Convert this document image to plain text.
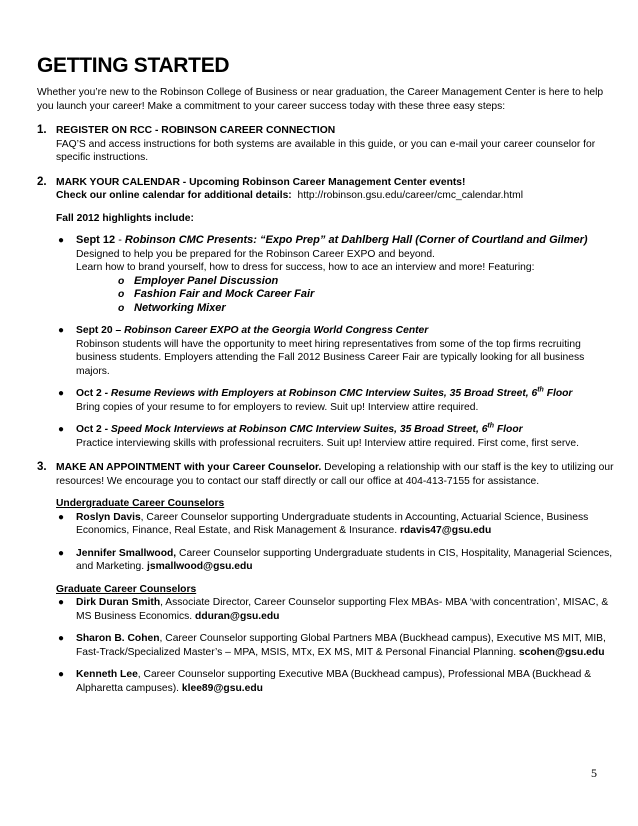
GETTING STARTED

Whether you’re new to the Robinson College of Business or near graduation, the Career Management Center is here to help you launch your career! Make a commitment to your career success today with these three easy steps:

1. REGISTER ON RCC - ROBINSON CAREER CONNECTION

FAQ’S and access instructions for both systems are available in this guide, or you can e-mail your career counselor for specific instructions.

2. MARK YOUR CALENDAR - Upcoming Robinson Career Management Center events!

Check our online calendar for additional details: http://robinson.gsu.edu/career/cmc_calendar.html

Fall 2012 highlights include:

● Sept 12 - Robinson CMC Presents: “Expo Prep” at Dahlberg Hall (Corner of Courtland and Gilmer)

Designed to help you be prepared for the Robinson Career EXPO and beyond.

Learn how to brand yourself, how to dress for success, how to ace an interview and more! Featuring:

o Employer Panel Discussion
o Fashion Fair and Mock Career Fair
o Networking Mixer
● Sept 20 – Robinson Career EXPO at the Georgia World Congress Center

Robinson students will have the opportunity to meet hiring representatives from some of the top firms recruiting business students. Employers attending the Fall 2012 Business Career Fair are typically looking for all business majors.

● Oct 2 - Resume Reviews with Employers at Robinson CMC Interview Suites, 35 Broad Street, 6th Floor

Bring copies of your resume to for employers to review. Suit up! Interview attire required.

● Oct 2 - Speed Mock Interviews at Robinson CMC Interview Suites, 35 Broad Street, 6th Floor

Practice interviewing skills with professional recruiters. Suit up! Interview attire required. First come, first serve.

3. MAKE AN APPOINTMENT with your Career Counselor. Developing a relationship with our staff is the key to utilizing our resources! We encourage you to contact our staff directly or call our office at 404-413-7155 for assistance.

Undergraduate Career Counselors

● Roslyn Davis, Career Counselor supporting Undergraduate students in Accounting, Actuarial Science, Business Economics, Finance, Real Estate, and Risk Management & Insurance. rdavis47@gsu.edu

● Jennifer Smallwood, Career Counselor supporting Undergraduate students in CIS, Hospitality, Managerial Sciences, and Marketing. jsmallwood@gsu.edu

Graduate Career Counselors

● Dirk Duran Smith, Associate Director, Career Counselor supporting Flex MBAs- MBA ‘with concentration’, MISAC, & MS Business Economics. dduran@gsu.edu

● Sharon B. Cohen, Career Counselor supporting Global Partners MBA (Buckhead campus), Executive MS MIT, MIB, Fast-Track/Specialized Master’s – MPA, MSIS, MTx, EX MS, MIT & Personal Financial Planning. scohen@gsu.edu

● Kenneth Lee, Career Counselor supporting Executive MBA (Buckhead campus), Professional MBA (Buckhead & Alpharetta campuses). klee89@gsu.edu

5
